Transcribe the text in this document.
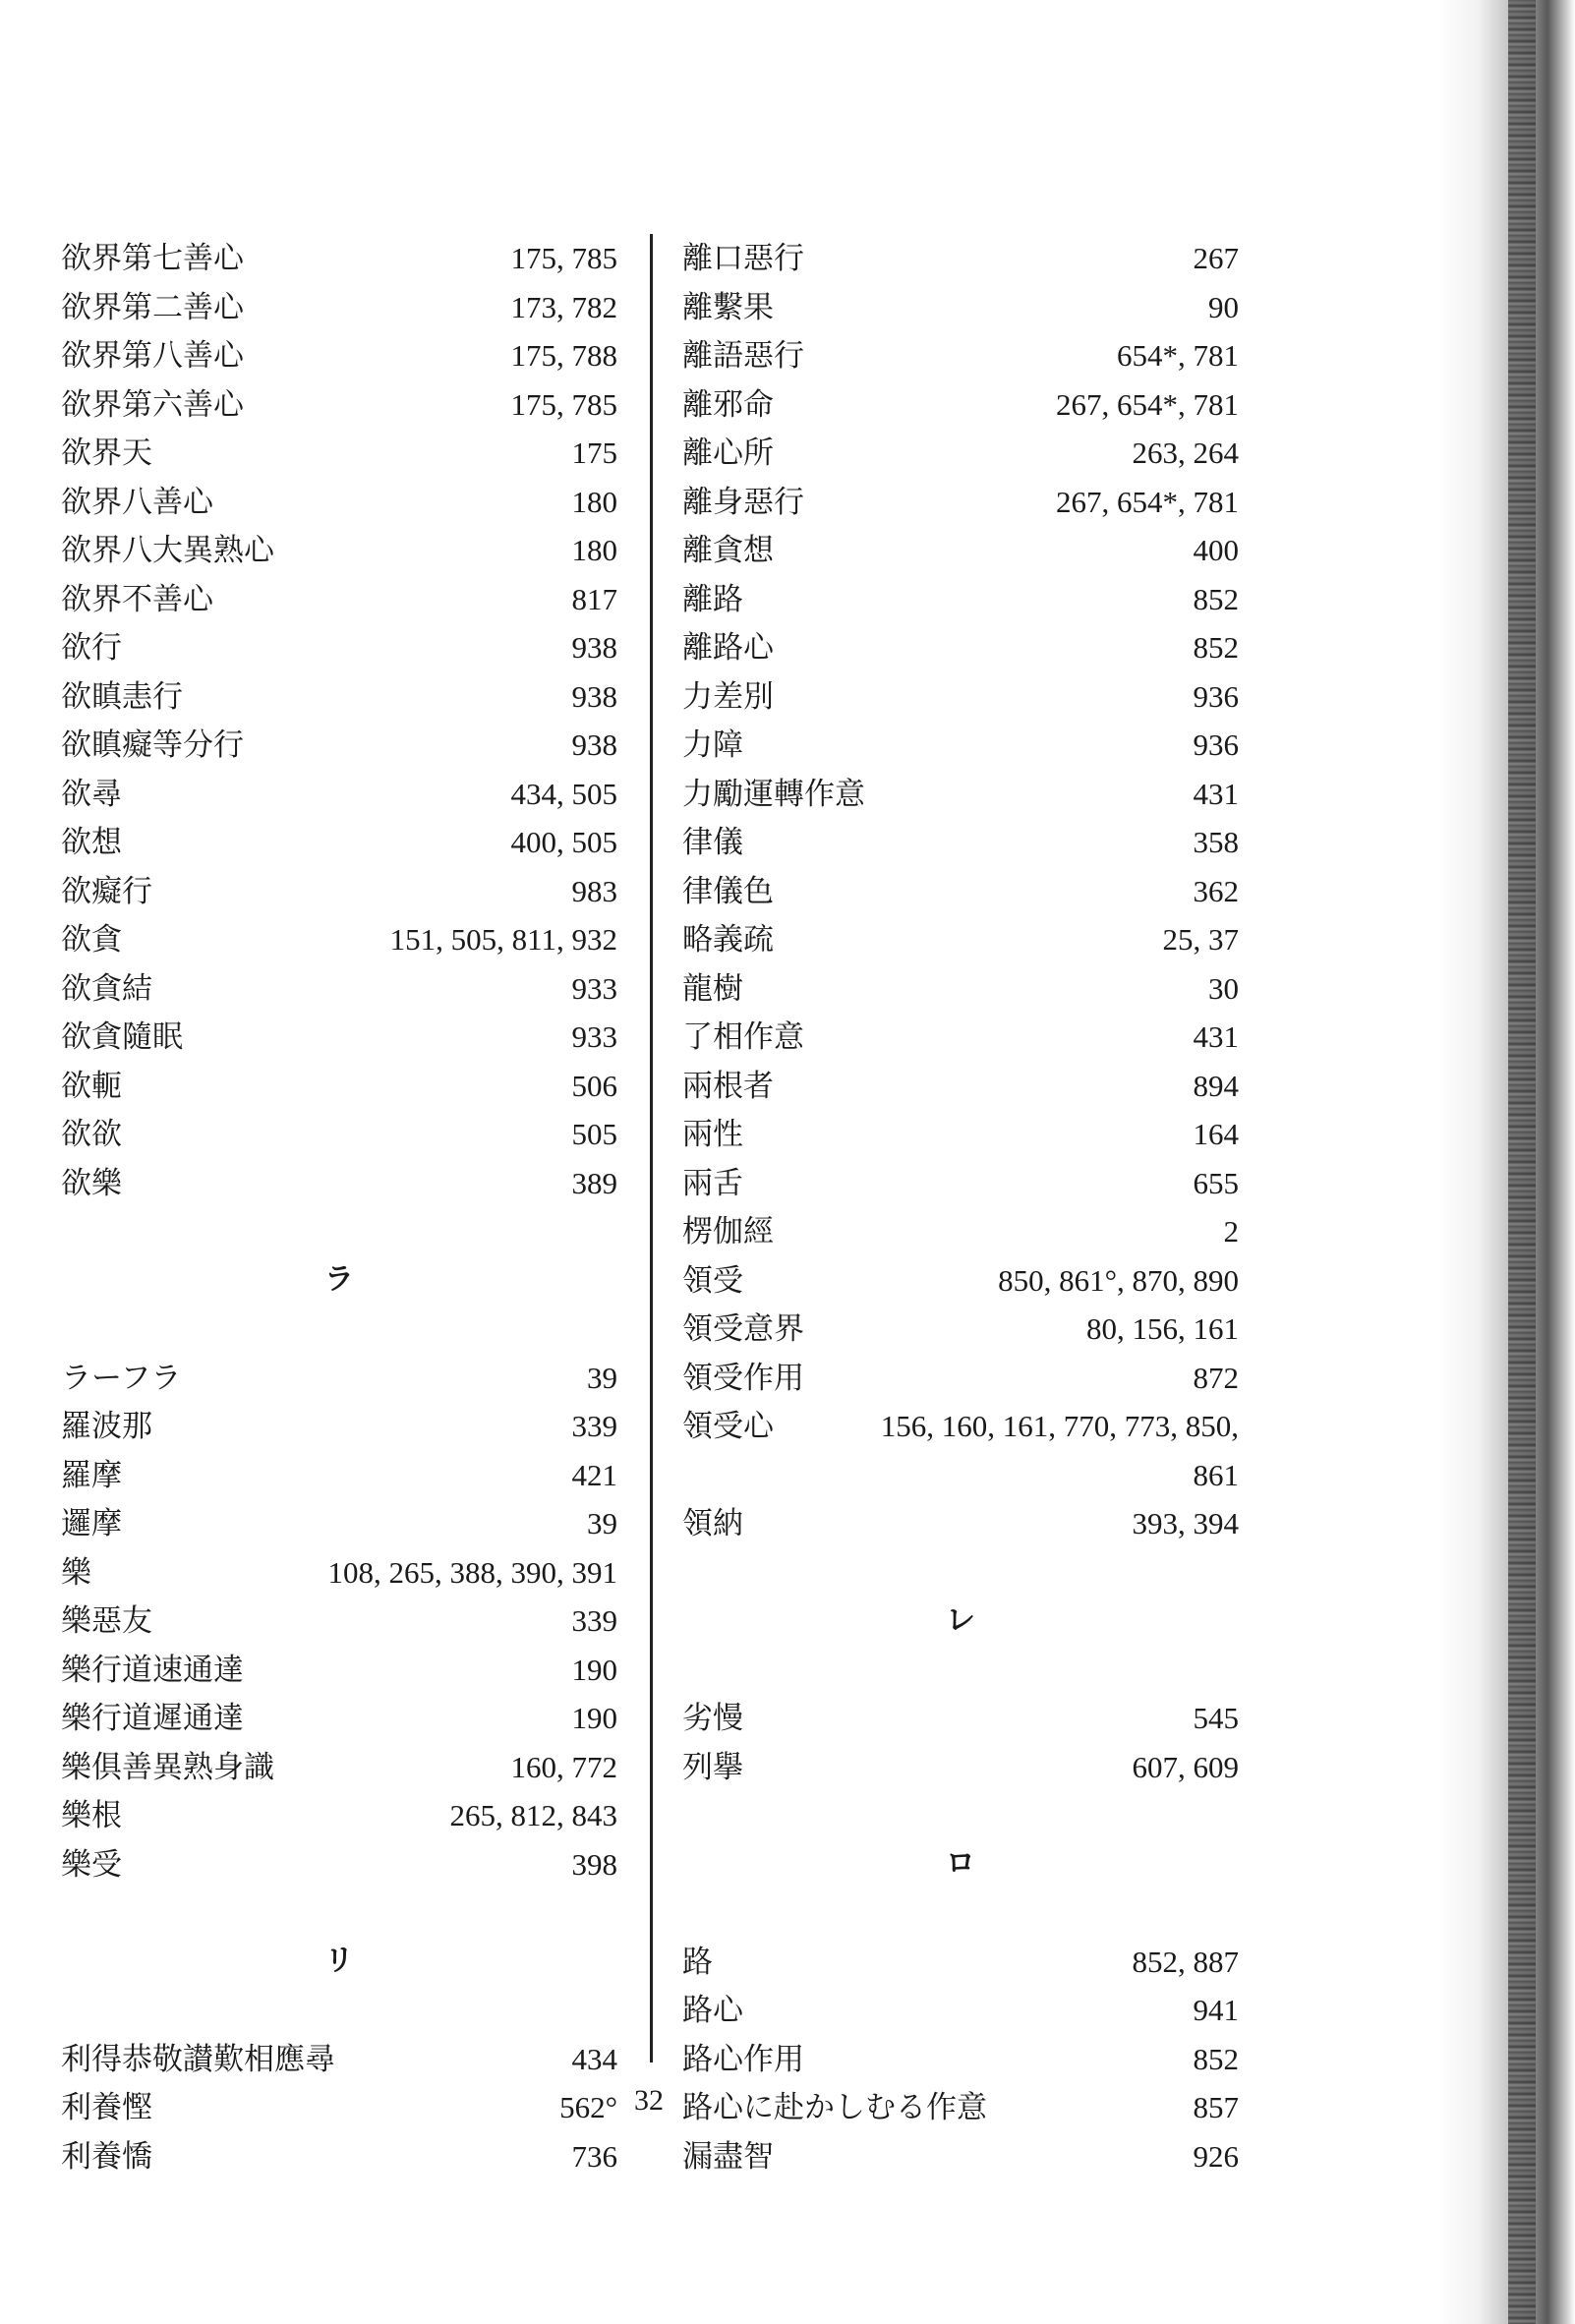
欲界第七善心	175, 785
欲界第二善心	173, 782
欲界第八善心	175, 788
欲界第六善心	175, 785
欲界天	175
欲界八善心	180
欲界八大異熟心	180
欲界不善心	817
欲行	938
欲瞋恚行	938
欲瞋癡等分行	938
欲尋	434, 505
欲想	400, 505
欲癡行	983
欲貪	151, 505, 811, 932
欲貪結	933
欲貪隨眠	933
欲軛	506
欲欲	505
欲樂	389
ラ
ラーフラ	39
羅波那	339
羅摩	421
邏摩	39
樂	108, 265, 388, 390, 391
樂惡友	339
樂行道速通達	190
樂行道遲通達	190
樂俱善異熟身識	160, 772
樂根	265, 812, 843
樂受	398
リ
利得恭敬讃歎相應尋	434
利養慳	562°
利養憍	736
離口惡行	267
離繫果	90
離語惡行	654*, 781
離邪命	267, 654*, 781
離心所	263, 264
離身惡行	267, 654*, 781
離貪想	400
離路	852
離路心	852
力差別	936
力障	936
力勵運轉作意	431
律儀	358
律儀色	362
略義疏	25, 37
龍樹	30
了相作意	431
兩根者	894
兩性	164
兩舌	655
楞伽經	2
領受	850, 861°, 870, 890
領受意界	80, 156, 161
領受作用	872
領受心	156, 160, 161, 770, 773, 850,
861
領納	393, 394
レ
劣慢	545
列擧	607, 609
ロ
路	852, 887
路心	941
路心作用	852
路心に赴かしむる作意	857
漏盡智	926
32
